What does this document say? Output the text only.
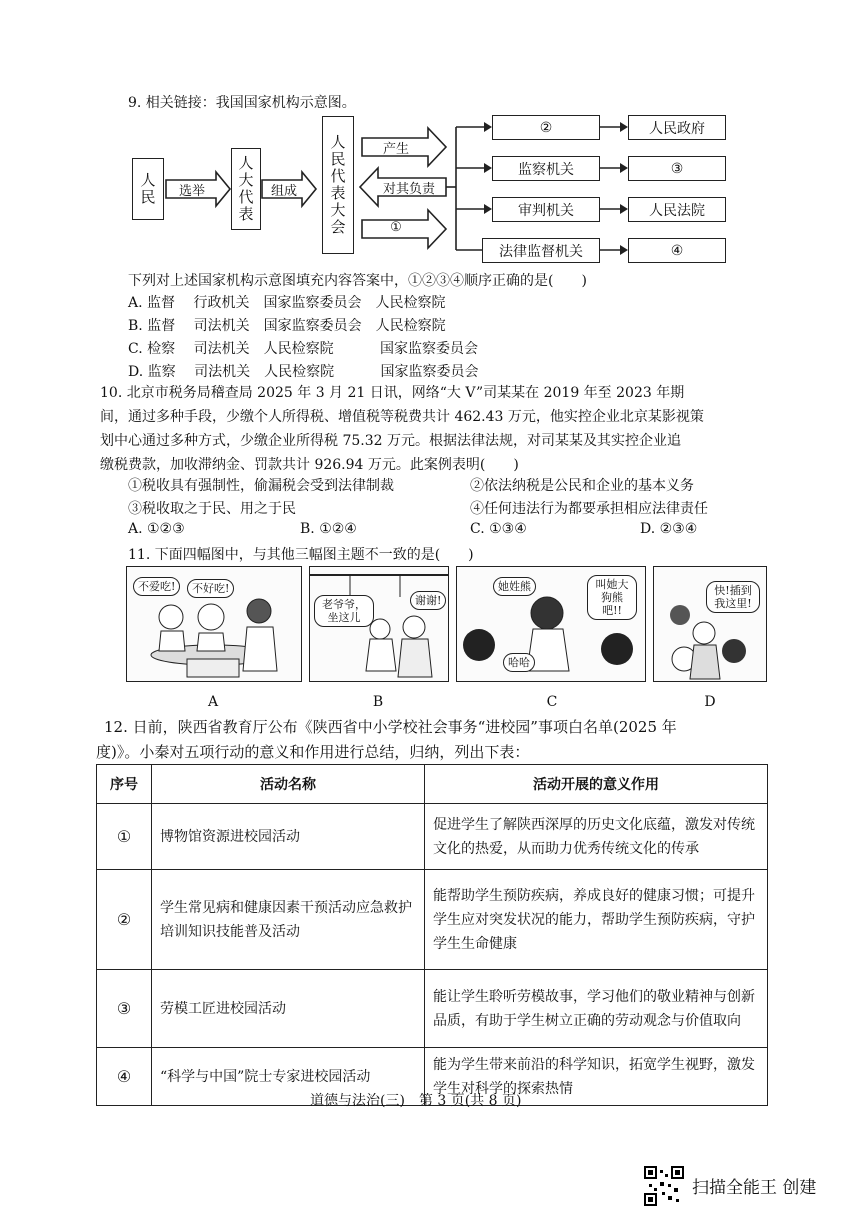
9. 相关链接：我国国家机构示意图。
人民	选举	人大代表	组成	人民代表大会	产生
对其负责
①
②
监察机关
审判机关
法律监督机关
人民政府
③
人民法院
④
下列对上述国家机构示意图填充内容答案中，①②③④顺序正确的是(　　)
A. 监督　 行政机关　国家监察委员会　人民检察院
B. 监督　 司法机关　国家监察委员会　人民检察院
C. 检察　 司法机关　人民检察院　　　 国家监察委员会
D. 监察　 司法机关　人民检察院　　　 国家监察委员会
10. 北京市税务局稽查局 2025 年 3 月 21 日讯，网络“大 V”司某某在 2019 年至 2023 年期
间，通过多种手段，少缴个人所得税、增值税等税费共计 462.43 万元，他实控企业北京某影视策
划中心通过多种方式，少缴企业所得税 75.32 万元。根据法律法规，对司某某及其实控企业追
缴税费款，加收滞纳金、罚款共计 926.94 万元。此案例表明(　　)
①税收具有强制性，偷漏税会受到法律制裁	②依法纳税是公民和企业的基本义务
③税收取之于民、用之于民	④任何违法行为都要承担相应法律责任
A. ①②③	B. ①②④	C. ①③④	D. ②③④
11. 下面四幅图中，与其他三幅图主题不一致的是(　　)
不爱吃!	不好吃!
A
老爷爷，坐这儿
谢谢!
B
她姓熊	叫她大狗熊吧!!
哈哈
C
快!插到我这里!
D
12. 日前，陕西省教育厅公布《陕西省中小学校社会事务“进校园”事项白名单(2025 年
度)》。小秦对五项行动的意义和作用进行总结，归纳，列出下表：
序号	活动名称	活动开展的意义作用
①	博物馆资源进校园活动	促进学生了解陕西深厚的历史文化底蕴，激发对传统文化的热爱，从而助力优秀传统文化的传承
②	学生常见病和健康因素干预活动应急救护培训知识技能普及活动	能帮助学生预防疾病，养成良好的健康习惯；可提升学生应对突发状况的能力，帮助学生预防疾病，守护学生生命健康
③	劳模工匠进校园活动	能让学生聆听劳模故事，学习他们的敬业精神与创新品质，有助于学生树立正确的劳动观念与价值取向
④	“科学与中国”院士专家进校园活动	能为学生带来前沿的科学知识，拓宽学生视野，激发学生对科学的探索热情
道德与法治(三)　第 3 页(共 8 页)
扫描全能王 创建
